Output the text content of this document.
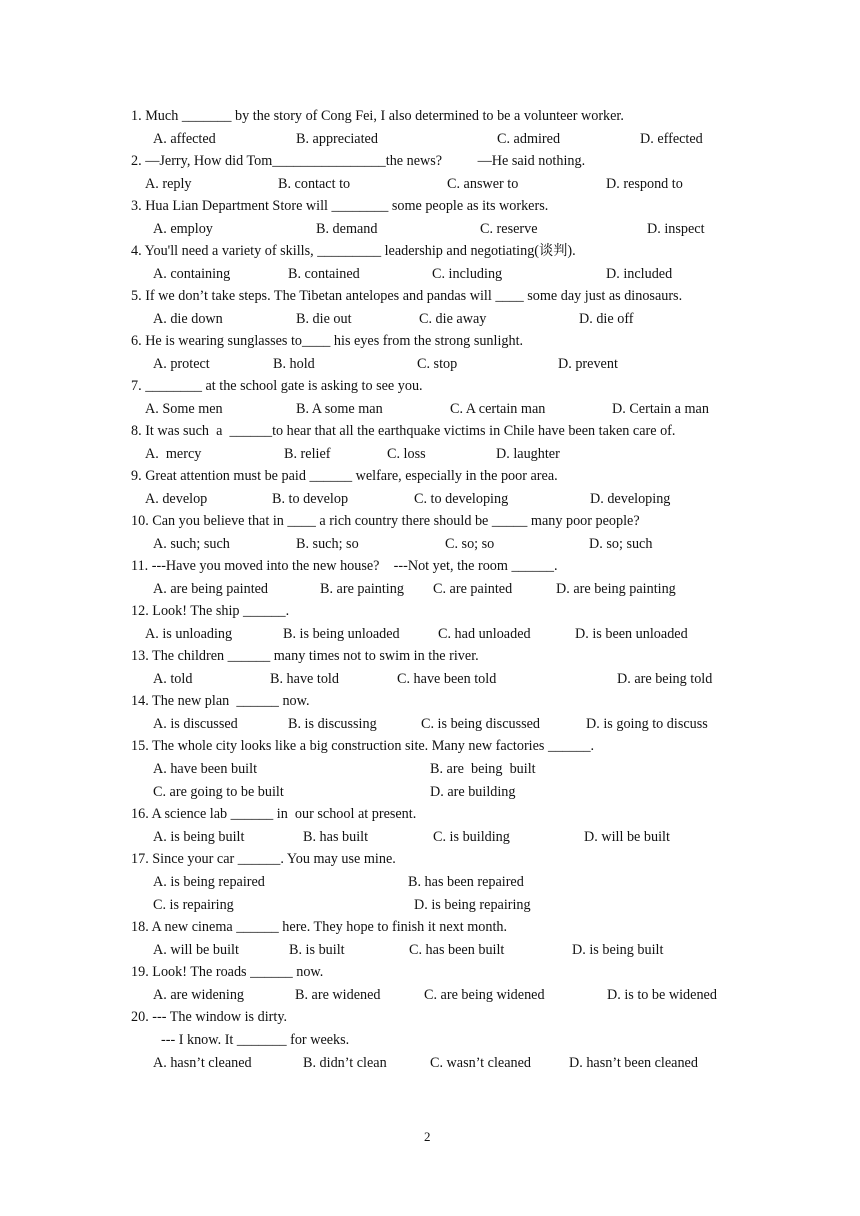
1. Much _______ by the story of Cong Fei, I also determined to be a volunteer worker.
A. affected	B. appreciated	C. admired	D. effected
2. —Jerry, How did Tom________________the news?          —He said nothing.
A. reply	B. contact to	C. answer to	D. respond to
3. Hua Lian Department Store will ________ some people as its workers.
A. employ	B. demand	C. reserve	D. inspect
4. You'll need a variety of skills, _________ leadership and negotiating(谈判).
A. containing	B. contained	C. including	D. included
5. If we don’t take steps. The Tibetan antelopes and pandas will ____ some day just as dinosaurs.
A. die down	B. die out	C. die away	D. die off
6. He is wearing sunglasses to____ his eyes from the strong sunlight.
A. protect	B. hold	C. stop	D. prevent
7. ________ at the school gate is asking to see you.
A. Some men	B. A some man	C. A certain man	D. Certain a man
8. It was such  a  ______to hear that all the earthquake victims in Chile have been taken care of.
A.  mercy	B. relief	C. loss	D. laughter
9. Great attention must be paid ______ welfare, especially in the poor area.
A. develop	B. to develop	C. to developing	D. developing
10. Can you believe that in ____ a rich country there should be _____ many poor people?
A. such; such	B. such; so	C. so; so	D. so; such
11. ---Have you moved into the new house?    ---Not yet, the room ______.
A. are being painted	B. are painting C. are painted	D. are being painting
12. Look! The ship ______.
A. is unloading	B. is being unloaded	C. had unloaded	D. is been unloaded
13. The children ______ many times not to swim in the river.
A. told	B. have told	C. have been told	D. are being told
14. The new plan  ______ now.
A. is discussed	B. is discussing	C. is being discussed	D. is going to discuss
15. The whole city looks like a big construction site. Many new factories ______.
A. have been built	B. are  being  built
C. are going to be built	D. are building
16. A science lab ______ in  our school at present.
A. is being built	B. has built	C. is building	D. will be built
17. Since your car ______. You may use mine.
A. is being repaired	B. has been repaired
C. is repairing	D. is being repairing
18. A new cinema ______ here. They hope to finish it next month.
A. will be built	B. is built	C. has been built	D. is being built
19. Look! The roads ______ now.
A. are widening	B. are widened	C. are being widened	D. is to be widened
20. --- The window is dirty.
--- I know. It _______ for weeks.
A. hasn’t cleaned	B. didn’t clean	C. wasn’t cleaned	D. hasn’t been cleaned
2
